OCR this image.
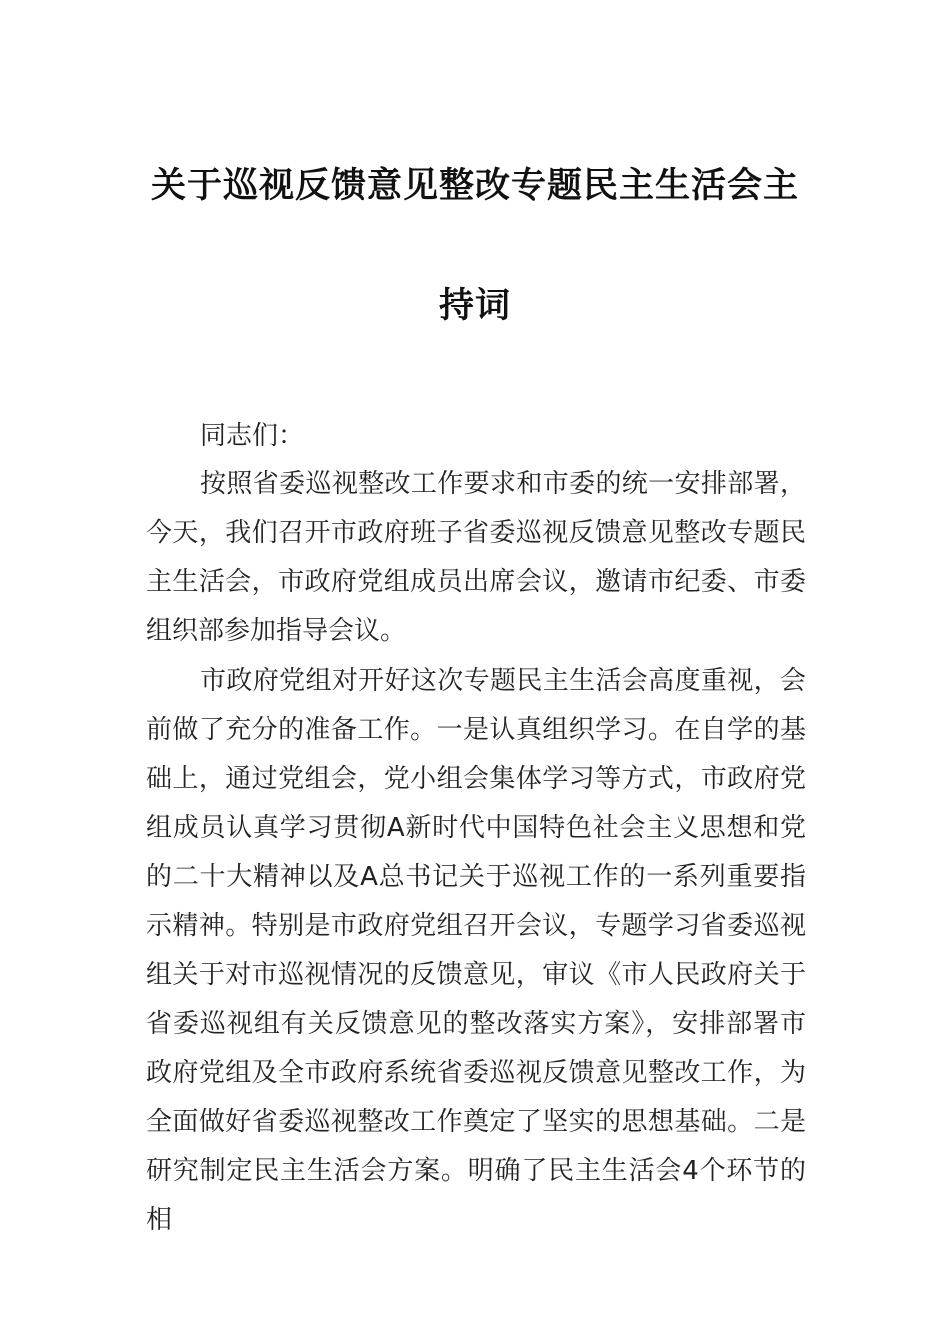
关于巡视反馈意见整改专题民主生活会主
持词
同志们：

按照省委巡视整改工作要求和市委的统一安排部署，今天，我们召开市政府班子省委巡视反馈意见整改专题民主生活会，市政府党组成员出席会议，邀请市纪委、市委组织部参加指导会议。

市政府党组对开好这次专题民主生活会高度重视，会前做了充分的准备工作。一是认真组织学习。在自学的基础上，通过党组会，党小组会集体学习等方式，市政府党组成员认真学习贯彻A新时代中国特色社会主义思想和党的二十大精神以及A总书记关于巡视工作的一系列重要指示精神。特别是市政府党组召开会议，专题学习省委巡视组关于对市巡视情况的反馈意见，审议《市人民政府关于省委巡视组有关反馈意见的整改落实方案》，安排部署市政府党组及全市政府系统省委巡视反馈意见整改工作，为全面做好省委巡视整改工作奠定了坚实的思想基础。二是研究制定民主生活会方案。明确了民主生活会4个环节的相
